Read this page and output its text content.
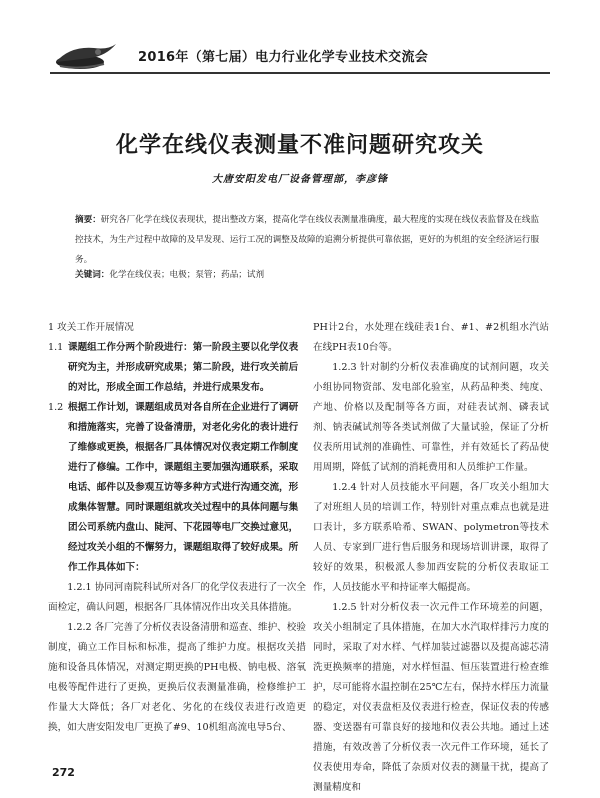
2016年（第七届）电力行业化学专业技术交流会
化学在线仪表测量不准问题研究攻关
大唐安阳发电厂设备管理部，李彦锋
摘要：研究各厂化学在线仪表现状，提出整改方案，提高化学在线仪表测量准确度，最大程度的实现在线仪表监督及在线监控技术，为生产过程中故障的及早发现、运行工况的调整及故障的追溯分析提供可靠依据，更好的为机组的安全经济运行服务。
关键词：化学在线仪表；电极；泵管；药品；试剂

1 攻关工作开展情况

1.1 课题组工作分两个阶段进行：第一阶段主要以化学仪表研究为主，并形成研究成果；第二阶段，进行攻关前后的对比，形成全面工作总结，并进行成果发布。
1.2 根据工作计划，课题组成员对各自所在企业进行了调研和措施落实，完善了设备清册，对老化劣化的表计进行了维修或更换，根据各厂具体情况对仪表定期工作制度进行了修编。工作中，课题组主要加强沟通联系，采取电话、邮件以及参观互访等多种方式进行沟通交流，形成集体智慧。同时课题组就攻关过程中的具体问题与集团公司系统内盘山、陡河、下花园等电厂交换过意见，经过攻关小组的不懈努力，课题组取得了较好成果。所作工作具体如下：

1.2.1 协同河南院科试所对各厂的化学仪表进行了一次全面检定，确认问题，根据各厂具体情况作出攻关具体措施。

1.2.2 各厂完善了分析仪表设备清册和巡查、维护、校验制度，确立工作目标和标准，提高了维护力度。根据攻关措施和设备具体情况，对测定期更换的PH电极、钠电极、溶氧电极等配件进行了更换，更换后仪表测量准确，检修维护工作量大大降低；各厂对老化、劣化的在线仪表进行改造更换，如大唐安阳发电厂更换了#9、10机组高流电导5台、

PH计2台，水处理在线硅表1台、#1、#2机组水汽站在线PH表10台等。

1.2.3 针对制约分析仪表准确度的试剂问题，攻关小组协同物资部、发电部化验室，从药品种类、纯度、产地、价格以及配制等各方面，对硅表试剂、磷表试剂、钠表碱试剂等各类试剂做了大量试验，保证了分析仪表所用试剂的准确性、可靠性，并有效延长了药品使用周期，降低了试剂的消耗费用和人员维护工作量。

1.2.4 针对人员技能水平问题，各厂攻关小组加大了对班组人员的培训工作，特别针对重点难点也就是进口表计，多方联系哈希、SWAN、polymetron等技术人员、专家到厂进行售后服务和现场培训讲课，取得了较好的效果，积极派人参加西安院的分析仪表取证工作，人员技能水平和持证率大幅提高。

1.2.5 针对分析仪表一次元件工作环境差的问题，攻关小组制定了具体措施，在加大水汽取样排污力度的同时，采取了对水样、气样加装过滤器以及提高滤芯清洗更换频率的措施，对水样恒温、恒压装置进行检查维护，尽可能将水温控制在25℃左右，保持水样压力流量的稳定，对仪表盘柜及仪表进行检查，保证仪表的传感器、变送器有可靠良好的接地和仪表公共地。通过上述措施，有效改善了分析仪表一次元件工作环境，延长了仪表使用寿命，降低了杂质对仪表的测量干扰，提高了测量精度和

272
